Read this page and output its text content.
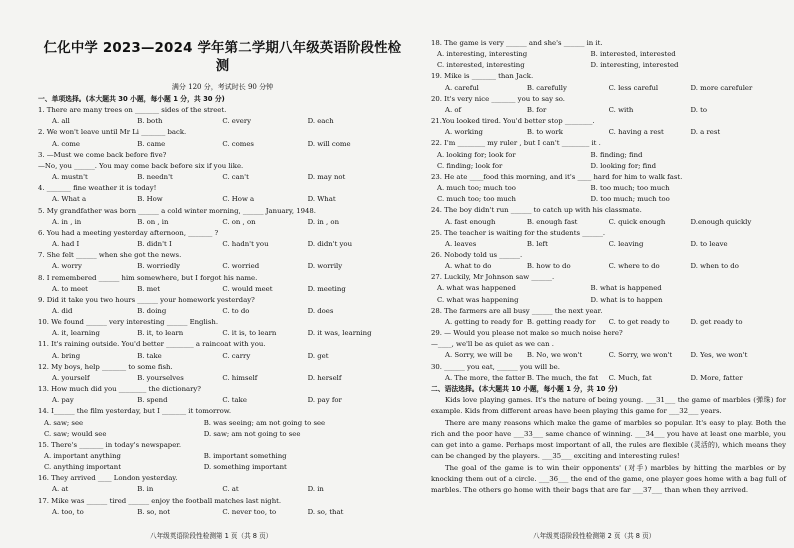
仁化中学 2023—2024 学年第二学期八年级英语阶段性检测
满分 120 分，考试时长 90 分钟
一、单项选择。(本大题共 30 小题，每小题 1 分，共 30 分)
1. There are many trees on _______ sides of the street.
A. all	B. both	C. every	D. each
2. We won't leave until Mr Li _______ back.
A. come	B. came	C. comes	D. will come
3. —Must we come back before five?
—No, you ______. You may come back before six if you like.
A. mustn't	B. needn't	C. can't	D. may not
4. _______ fine weather it is today!
A. What a	B. How	C. How a	D. What
5. My grandfather was born ______ a cold winter morning, ______ January, 1948.
A. in , in	B. on , in	C. on , on	D. in , on
6. You had a meeting yesterday afternoon, _______ ?
A. had I	B. didn't I	C. hadn't you	D. didn't you
7. She felt ______ when she got the news.
A. worry	B. worriedly	C. worried	D. worrily
8. I remembered ______ him somewhere, but I forgot his name.
A. to meet	B. met	C. would meet	D. meeting
9. Did it take you two hours ______ your homework yesterday?
A. did	B. doing	C. to do	D. does
10. We found ______ very interesting ______ English.
A. it, learning	B. it, to learn	C. it is, to learn	D. it was, learning
11. It's raining outside. You'd better ________ a raincoat with you.
A. bring	B. take	C. carry	D. get
12. My boys, help _______ to some fish.
A. yourself	B. yourselves	C. himself	D. herself
13. How much did you ________ the dictionary?
A. pay	B. spend	C. take	D. pay for
14. I______ the film yesterday, but I _______ it tomorrow.
A. saw; see	B. was seeing; am not going to see
C. saw; would see	D. saw; am not going to see
15. There's _______ in today's newspaper.
A. important anything	B. important something
C. anything important	D. something important
16. They arrived ____ London yesterday.
A. at	B. in	C. at	D. in
17. Mike was ______ tired ______ enjoy the football matches last night.
A. too, to	B. so, not	C. never too, to	D. so, that
八年级英语阶段性检测第 1 页（共 8 页）
18. The game is very ______ and she's ______ in it.
A. interesting, interesting	B. interested, interested
C. interested, interesting	D. interesting, interested
19. Mike is _______ than Jack.
A. careful	B. carefully	C. less careful	D. more carefuler
20. It's very nice _______ you to say so.
A. of	B. for	C. with	D. to
21.You looked tired. You'd better stop ________.
A. working	B. to work	C. having a rest	D. a rest
22. I'm ________ my ruler , but I can't ________ it .
A. looking for; look for	B. finding; find
C. finding; look for	D. looking for; find
23. He ate ____food this morning, and it's ____ hard for him to walk fast.
A. much too; much too	B. too much; too much
C. much too; too much	D. too much; much too
24. The boy didn't run ______ to catch up with his classmate.
A. fast enough	B. enough fast	C. quick enough	D.enough quickly
25. The teacher is waiting for the students ______.
A. leaves	B. left	C. leaving	D. to leave
26. Nobody told us ______.
A. what to do	B. how to do	C. where to do	D. when to do
27. Luckily, Mr Johnson saw ______.
A. what was happened	B. what is happened
C. what was happening	D. what is to happen
28. The farmers are all busy ______ the next year.
A. getting to ready for B. getting ready for C. to get ready to	D. get ready to
29. — Would you please not make so much noise here?
—____, we'll be as quiet as we can .
A. Sorry, we will be B. No, we won't	C. Sorry, we won't	D. Yes, we won't
30. ______ you eat, ______ you will be.
A. The more, the fatter B. The much, the fat C. Much, fat	D. More, fatter
二、语法选择。(本大题共 10 小题，每小题 1 分，共 10 分)
Kids love playing games. It's the nature of being young. ___31___ the game of marbles (弹珠) for example. Kids from different areas have been playing this game for ___32___ years.
There are many reasons which make the game of marbles so popular. It's easy to play. Both the rich and the poor have ___33___ same chance of winning. ___34___ you have at least one marble, you can get into a game. Perhaps most important of all, the rules are flexible (灵活的), which means they can be changed by the players. ___35___ exciting and interesting rules!
The goal of the game is to win their opponents' (对手) marbles by hitting the marbles or by knocking them out of a circle. ___36___ the end of the game, one player goes home with a bag full of marbles. The others go home with their bags that are far ___37___ than when they arrived.
八年级英语阶段性检测第 2 页（共 8 页）
